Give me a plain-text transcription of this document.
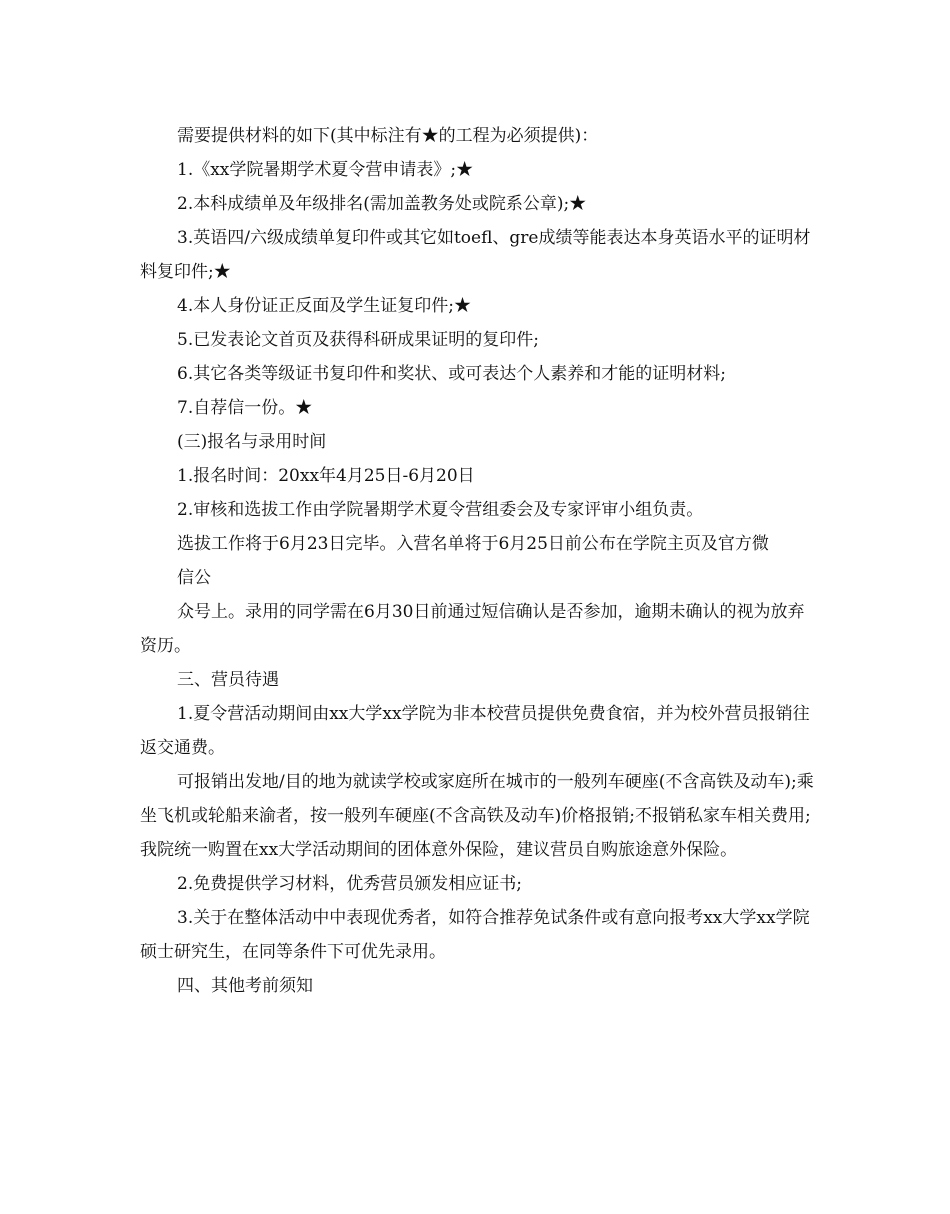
需要提供材料的如下(其中标注有★的工程为必须提供)：

1.《xx学院暑期学术夏令营申请表》;★

2.本科成绩单及年级排名(需加盖教务处或院系公章);★

3.英语四/六级成绩单复印件或其它如toefl、gre成绩等能表达本身英语水平的证明材料复印件;★

4.本人身份证正反面及学生证复印件;★

5.已发表论文首页及获得科研成果证明的复印件;

6.其它各类等级证书复印件和奖状、或可表达个人素养和才能的证明材料;

7.自荐信一份。★

(三)报名与录用时间

1.报名时间：20xx年4月25日-6月20日

2.审核和选拔工作由学院暑期学术夏令营组委会及专家评审小组负责。

选拔工作将于6月23日完毕。入营名单将于6月25日前公布在学院主页及官方微

信公

众号上。录用的同学需在6月30日前通过短信确认是否参加，逾期未确认的视为放弃资历。

三、营员待遇

1.夏令营活动期间由xx大学xx学院为非本校营员提供免费食宿，并为校外营员报销往返交通费。

可报销出发地/目的地为就读学校或家庭所在城市的一般列车硬座(不含高铁及动车);乘坐飞机或轮船来渝者，按一般列车硬座(不含高铁及动车)价格报销;不报销私家车相关费用;我院统一购置在xx大学活动期间的团体意外保险，建议营员自购旅途意外保险。

2.免费提供学习材料，优秀营员颁发相应证书;

3.关于在整体活动中中表现优秀者，如符合推荐免试条件或有意向报考xx大学xx学院硕士研究生，在同等条件下可优先录用。

四、其他考前须知
